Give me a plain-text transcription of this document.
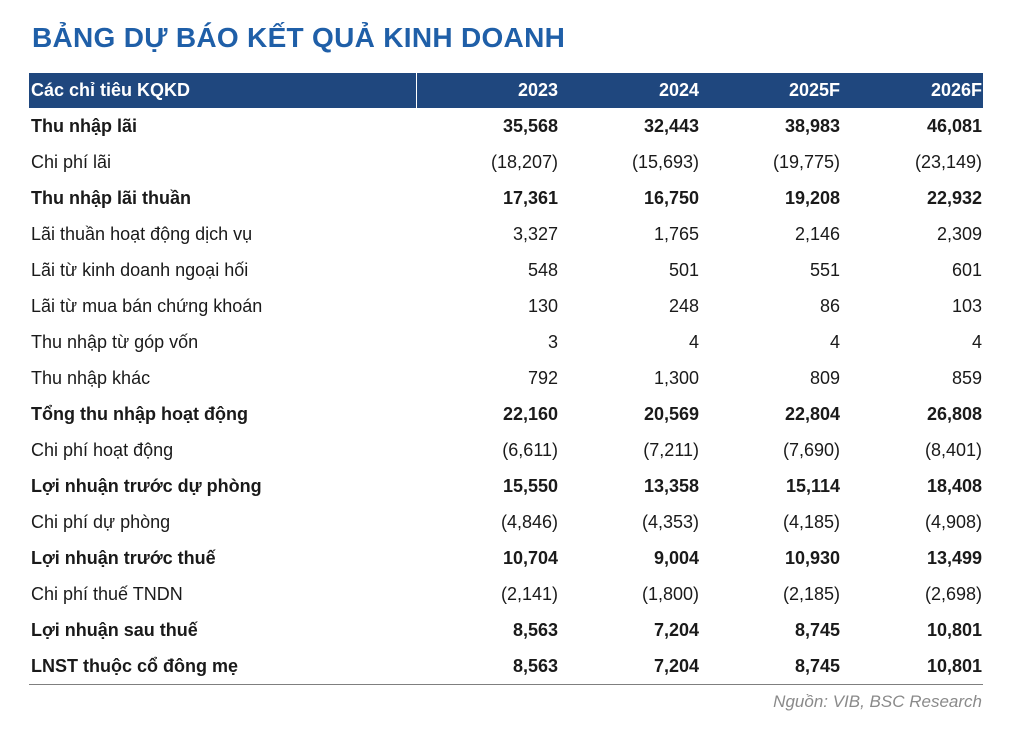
BẢNG DỰ BÁO KẾT QUẢ KINH DOANH
Các chỉ tiêu KQKD	2023	2024	2025F	2026F
Thu nhập lãi	35,568	32,443	38,983	46,081
Chi phí lãi	(18,207)	(15,693)	(19,775)	(23,149)
Thu nhập lãi thuần	17,361	16,750	19,208	22,932
Lãi thuần hoạt động dịch vụ	3,327	1,765	2,146	2,309
Lãi từ kinh doanh ngoại hối	548	501	551	601
Lãi từ mua bán chứng khoán	130	248	86	103
Thu nhập từ góp vốn	3	4	4	4
Thu nhập khác	792	1,300	809	859
Tổng thu nhập hoạt động	22,160	20,569	22,804	26,808
Chi phí hoạt động	(6,611)	(7,211)	(7,690)	(8,401)
Lợi nhuận trước dự phòng	15,550	13,358	15,114	18,408
Chi phí dự phòng	(4,846)	(4,353)	(4,185)	(4,908)
Lợi nhuận trước thuế	10,704	9,004	10,930	13,499
Chi phí thuế TNDN	(2,141)	(1,800)	(2,185)	(2,698)
Lợi nhuận sau thuế	8,563	7,204	8,745	10,801
LNST thuộc cổ đông mẹ	8,563	7,204	8,745	10,801
Nguồn: VIB, BSC Research
